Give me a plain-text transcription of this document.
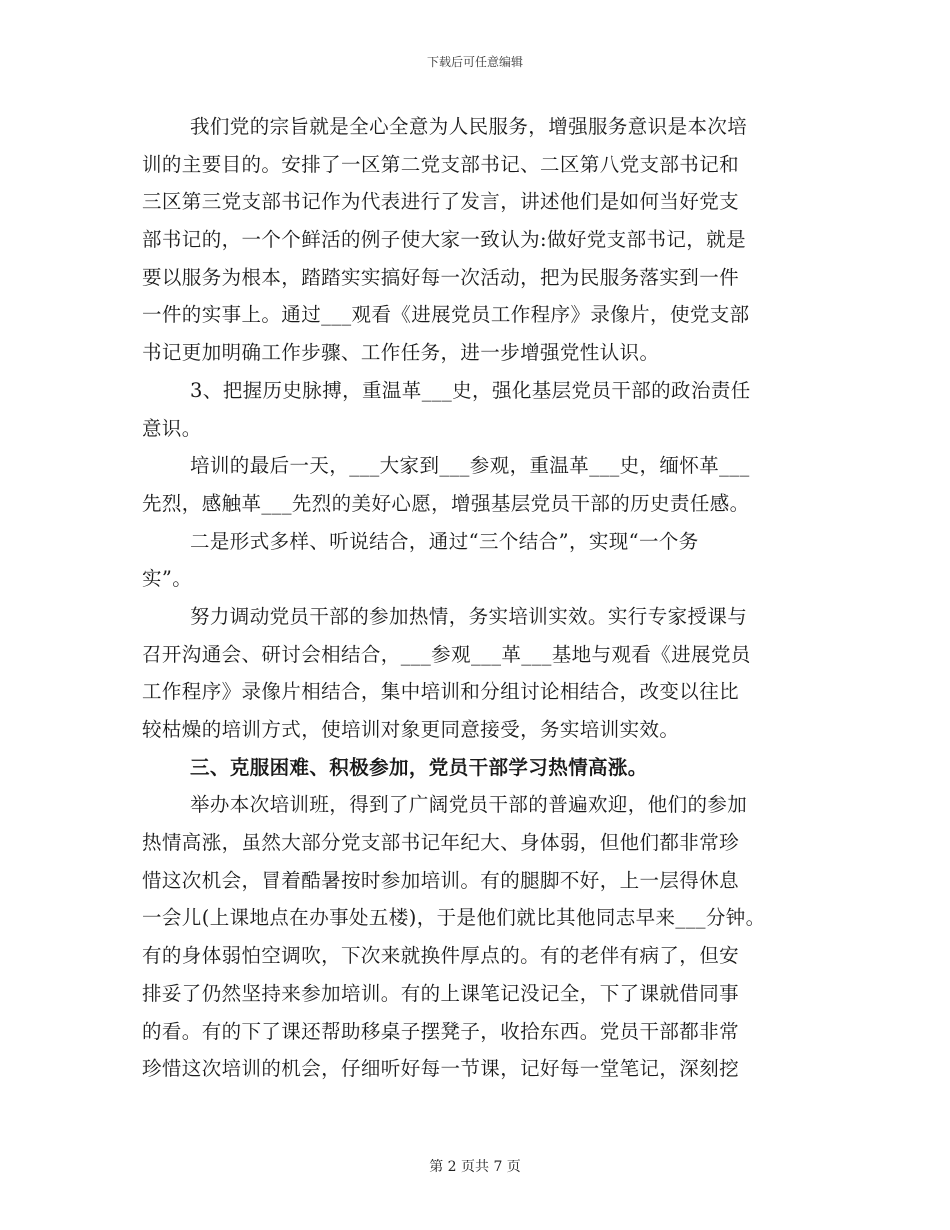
下载后可任意编辑
我们党的宗旨就是全心全意为人民服务，增强服务意识是本次培
训的主要目的。安排了一区第二党支部书记、二区第八党支部书记和
三区第三党支部书记作为代表进行了发言，讲述他们是如何当好党支
部书记的，一个个鲜活的例子使大家一致认为:做好党支部书记，就是
要以服务为根本，踏踏实实搞好每一次活动，把为民服务落实到一件
一件的实事上。通过___观看《进展党员工作程序》录像片，使党支部
书记更加明确工作步骤、工作任务，进一步增强党性认识。
3、把握历史脉搏，重温革___史，强化基层党员干部的政治责任
意识。
培训的最后一天，___大家到___参观，重温革___史，缅怀革___
先烈，感触革___先烈的美好心愿，增强基层党员干部的历史责任感。
二是形式多样、听说结合，通过“三个结合”，实现“一个务
实”。
努力调动党员干部的参加热情，务实培训实效。实行专家授课与
召开沟通会、研讨会相结合，___参观___革___基地与观看《进展党员
工作程序》录像片相结合，集中培训和分组讨论相结合，改变以往比
较枯燥的培训方式，使培训对象更同意接受，务实培训实效。
三、克服困难、积极参加，党员干部学习热情高涨。
举办本次培训班，得到了广阔党员干部的普遍欢迎，他们的参加
热情高涨，虽然大部分党支部书记年纪大、身体弱，但他们都非常珍
惜这次机会，冒着酷暑按时参加培训。有的腿脚不好，上一层得休息
一会儿(上课地点在办事处五楼)，于是他们就比其他同志早来___分钟。
有的身体弱怕空调吹，下次来就换件厚点的。有的老伴有病了，但安
排妥了仍然坚持来参加培训。有的上课笔记没记全，下了课就借同事
的看。有的下了课还帮助移桌子摆凳子，收拾东西。党员干部都非常
珍惜这次培训的机会，仔细听好每一节课，记好每一堂笔记，深刻挖
第 2 页共 7 页
